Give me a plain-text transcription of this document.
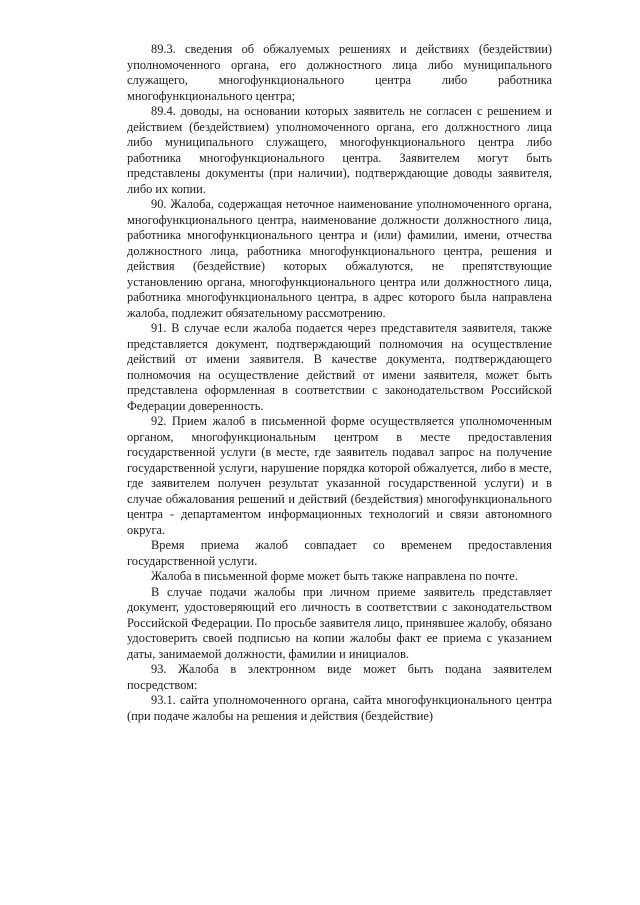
89.3. сведения об обжалуемых решениях и действиях (бездействии) уполномоченного органа, его должностного лица либо муниципального служащего, многофункционального центра либо работника многофункционального центра;

89.4. доводы, на основании которых заявитель не согласен с решением и действием (бездействием) уполномоченного органа, его должностного лица либо муниципального служащего, многофункционального центра либо работника многофункционального центра. Заявителем могут быть представлены документы (при наличии), подтверждающие доводы заявителя, либо их копии.

90. Жалоба, содержащая неточное наименование уполномоченного органа, многофункционального центра, наименование должности должностного лица, работника многофункционального центра и (или) фамилии, имени, отчества должностного лица, работника многофункционального центра, решения и действия (бездействие) которых обжалуются, не препятствующие установлению органа, многофункционального центра или должностного лица, работника многофункционального центра, в адрес которого была направлена жалоба, подлежит обязательному рассмотрению.

91. В случае если жалоба подается через представителя заявителя, также представляется документ, подтверждающий полномочия на осуществление действий от имени заявителя. В качестве документа, подтверждающего полномочия на осуществление действий от имени заявителя, может быть представлена оформленная в соответствии с законодательством Российской Федерации доверенность.

92. Прием жалоб в письменной форме осуществляется уполномоченным органом, многофункциональным центром в месте предоставления государственной услуги (в месте, где заявитель подавал запрос на получение государственной услуги, нарушение порядка которой обжалуется, либо в месте, где заявителем получен результат указанной государственной услуги) и в случае обжалования решений и действий (бездействия) многофункционального центра - департаментом информационных технологий и связи автономного округа.

Время приема жалоб совпадает со временем предоставления государственной услуги.

Жалоба в письменной форме может быть также направлена по почте.

В случае подачи жалобы при личном приеме заявитель представляет документ, удостоверяющий его личность в соответствии с законодательством Российской Федерации. По просьбе заявителя лицо, принявшее жалобу, обязано удостоверить своей подписью на копии жалобы факт ее приема с указанием даты, занимаемой должности, фамилии и инициалов.

93. Жалоба в электронном виде может быть подана заявителем посредством:

93.1. сайта уполномоченного органа, сайта многофункционального центра (при подаче жалобы на решения и действия (бездействие)
